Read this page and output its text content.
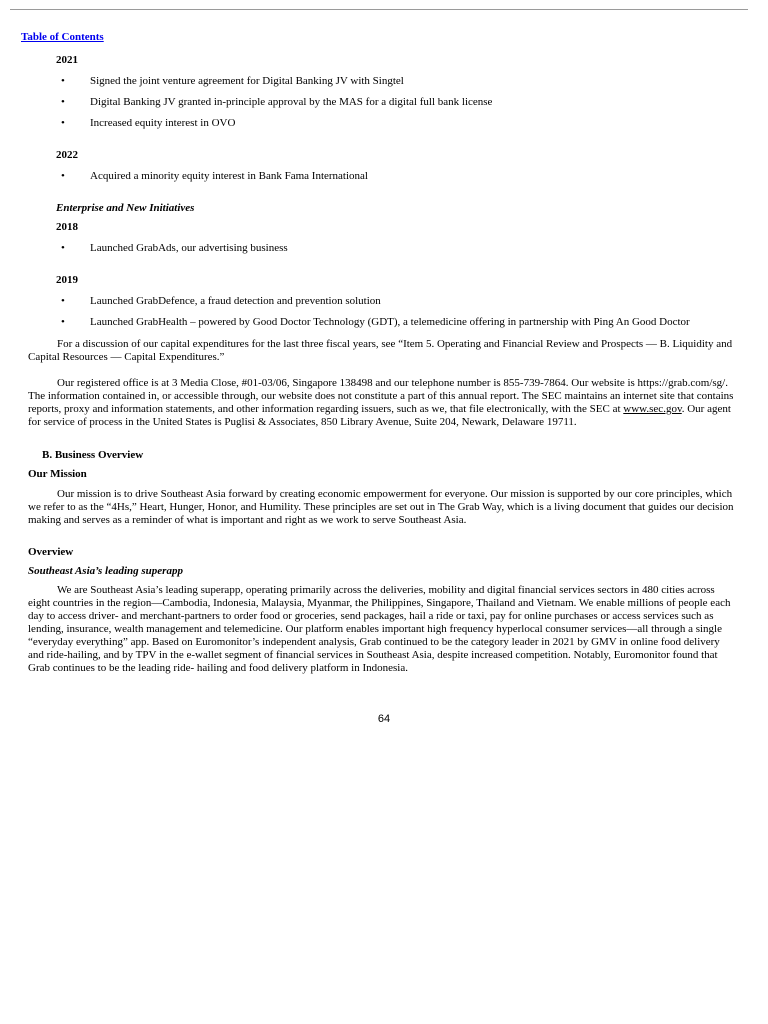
Table of Contents
2021
• Signed the joint venture agreement for Digital Banking JV with Singtel
• Digital Banking JV granted in-principle approval by the MAS for a digital full bank license
• Increased equity interest in OVO
2022
• Acquired a minority equity interest in Bank Fama International
Enterprise and New Initiatives
2018
• Launched GrabAds, our advertising business
2019
• Launched GrabDefence, a fraud detection and prevention solution
• Launched GrabHealth – powered by Good Doctor Technology (GDT), a telemedicine offering in partnership with Ping An Good Doctor

For a discussion of our capital expenditures for the last three fiscal years, see “Item 5. Operating and Financial Review and Prospects — B. Liquidity and Capital Resources — Capital Expenditures.”

Our registered office is at 3 Media Close, #01-03/06, Singapore 138498 and our telephone number is 855-739-7864. Our website is https://grab.com/sg/. The information contained in, or accessible through, our website does not constitute a part of this annual report. The SEC maintains an internet site that contains reports, proxy and information statements, and other information regarding issuers, such as we, that file electronically, with the SEC at www.sec.gov. Our agent for service of process in the United States is Puglisi & Associates, 850 Library Avenue, Suite 204, Newark, Delaware 19711.

B. Business Overview
Our Mission

Our mission is to drive Southeast Asia forward by creating economic empowerment for everyone. Our mission is supported by our core principles, which we refer to as the “4Hs,” Heart, Hunger, Honor, and Humility. These principles are set out in The Grab Way, which is a living document that guides our decision making and serves as a reminder of what is important and right as we work to serve Southeast Asia.

Overview
Southeast Asia’s leading superapp

We are Southeast Asia’s leading superapp, operating primarily across the deliveries, mobility and digital financial services sectors in 480 cities across eight countries in the region—Cambodia, Indonesia, Malaysia, Myanmar, the Philippines, Singapore, Thailand and Vietnam. We enable millions of people each day to access driver- and merchant-partners to order food or groceries, send packages, hail a ride or taxi, pay for online purchases or access services such as lending, insurance, wealth management and telemedicine. Our platform enables important high frequency hyperlocal consumer services—all through a single “everyday everything” app. Based on Euromonitor’s independent analysis, Grab continued to be the category leader in 2021 by GMV in online food delivery and ride-hailing, and by TPV in the e-wallet segment of financial services in Southeast Asia, despite increased competition. Notably, Euromonitor found that Grab continues to be the leading ride- hailing and food delivery platform in Indonesia.

64
